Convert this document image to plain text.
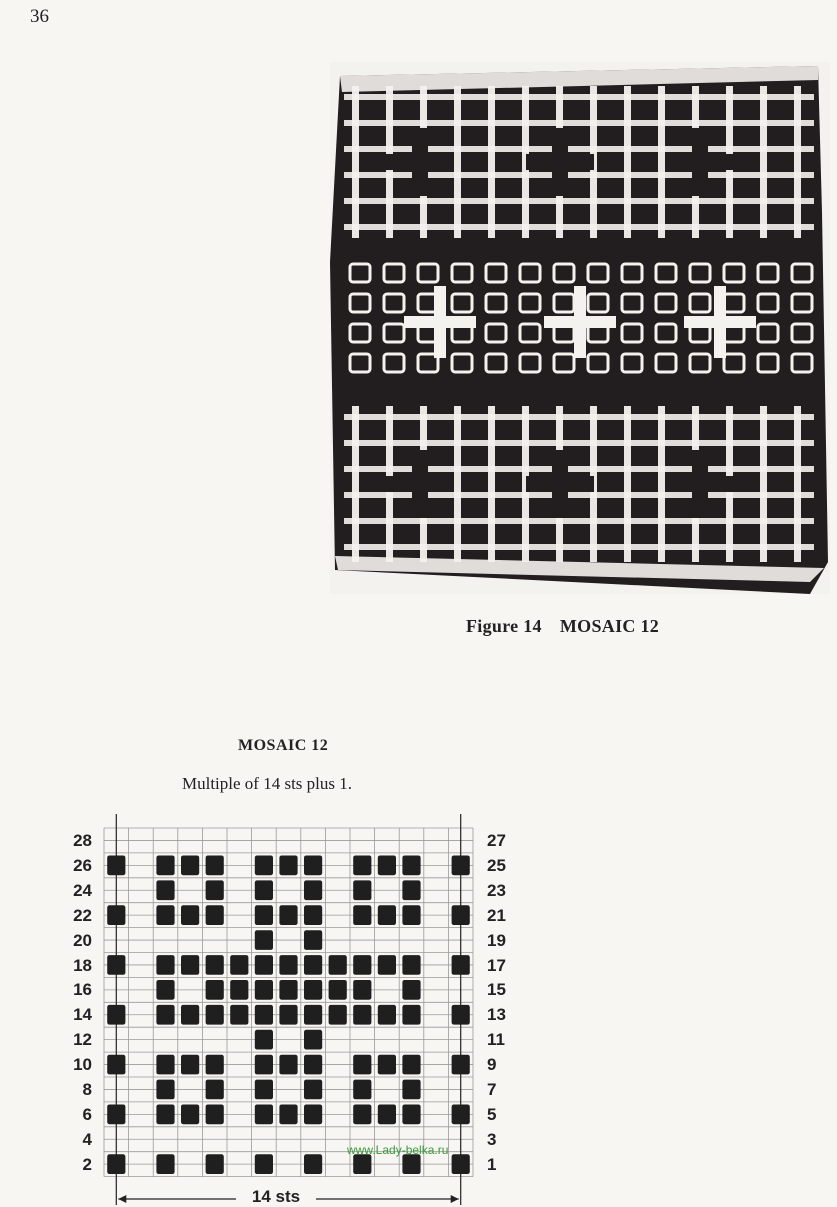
36
Figure 14 MOSAIC 12
MOSAIC 12
Multiple of 14 sts plus 1.
28
26
24
22
20
18
16
14
12
10
8
6
4
2
27
25
23
21
19
17
15
13
11
9
7
5
3
1
www.Lady-belka.ru
14 sts
